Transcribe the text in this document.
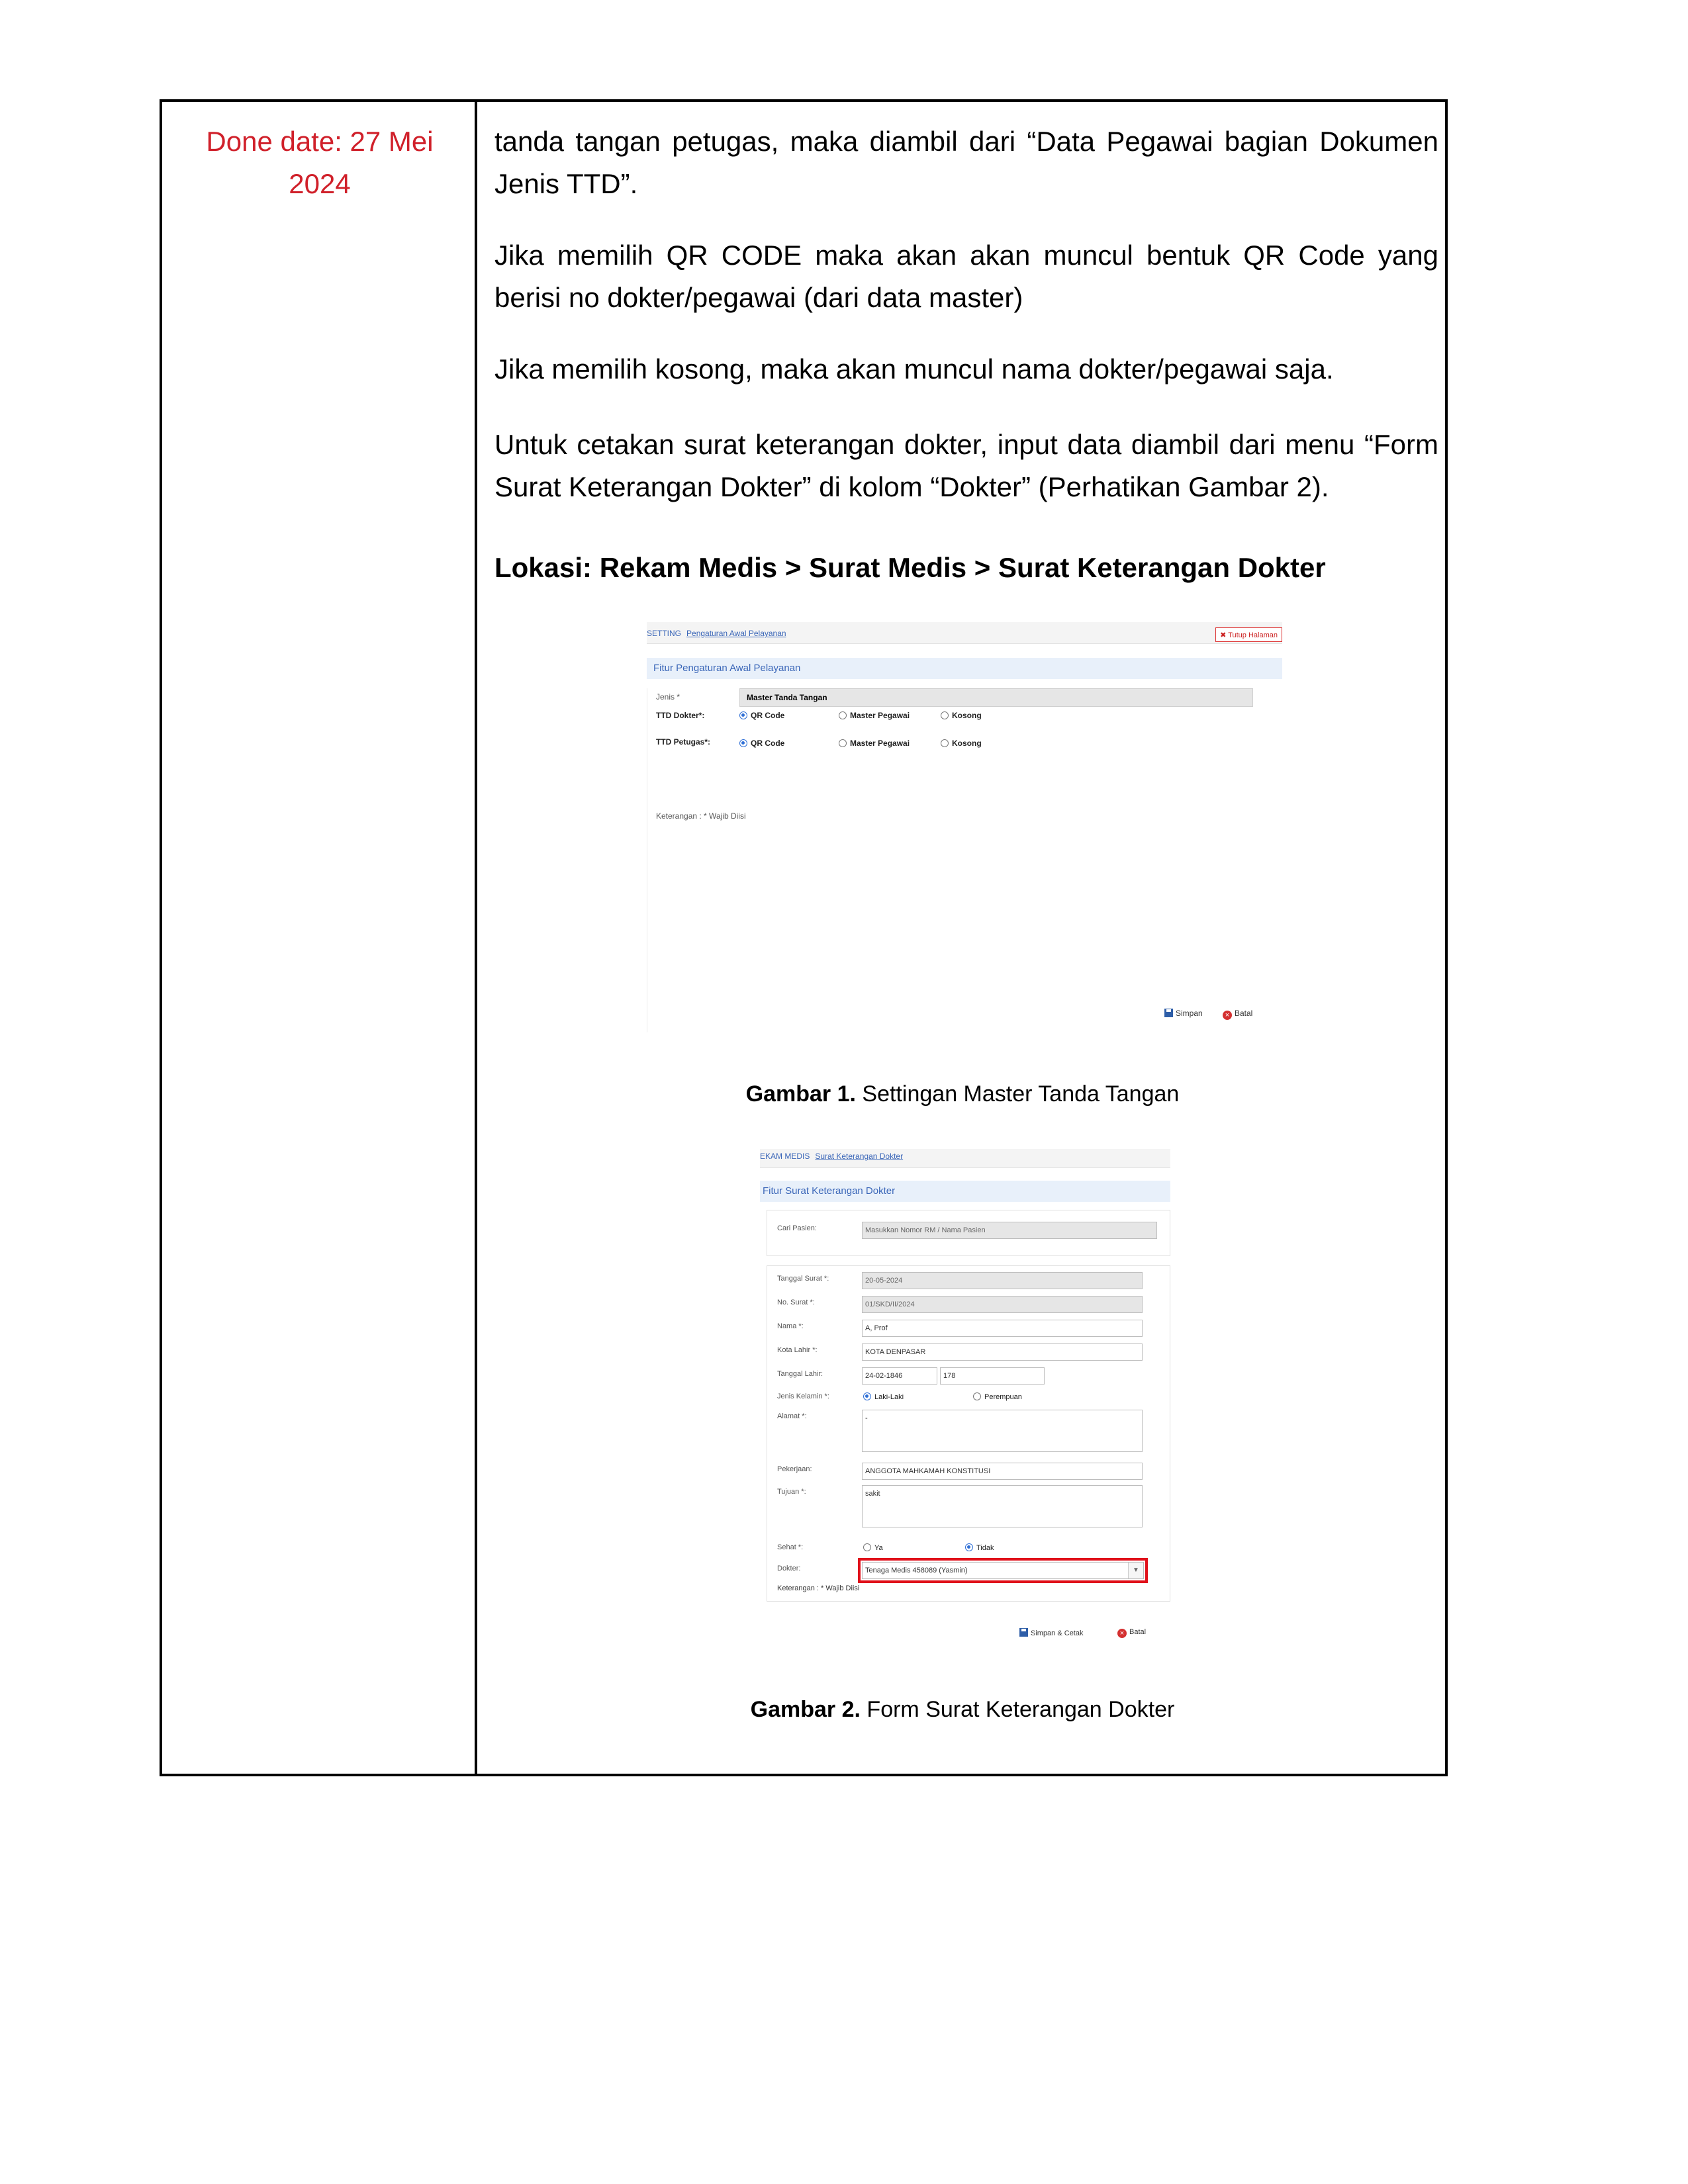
Done date: 27 Mei
2024

tanda tangan petugas, maka diambil dari “Data Pegawai bagian Dokumen Jenis TTD”.

Jika memilih QR CODE maka akan akan muncul bentuk QR Code yang berisi no dokter/pegawai (dari data master)

Jika memilih kosong, maka akan muncul nama dokter/pegawai saja.

Untuk cetakan surat keterangan dokter, input data diambil dari menu “Form Surat Keterangan Dokter” di kolom “Dokter” (Perhatikan Gambar 2).

Lokasi: Rekam Medis > Surat Medis > Surat Keterangan Dokter

Gambar 1. Settingan Master Tanda Tangan
Gambar 2. Form Surat Keterangan Dokter
SETTING Pengaturan Awal Pelayanan	✖ Tutup Halaman
Fitur Pengaturan Awal Pelayanan
Jenis *	Master Tanda Tangan
TTD Dokter*:	QR Code	Master Pegawai	Kosong
TTD Petugas*:	QR Code	Master Pegawai	Kosong
Keterangan : * Wajib Diisi
Simpan	× Batal
EKAM MEDIS Surat Keterangan Dokter
Fitur Surat Keterangan Dokter
Cari Pasien:	Masukkan Nomor RM / Nama Pasien
Tanggal Surat *:	20-05-2024
No. Surat *:	01/SKD/II/2024
Nama *:	A, Prof
Kota Lahir *:	KOTA DENPASAR
Tanggal Lahir:	24-02-1846	178
Jenis Kelamin *:	Laki-Laki	Perempuan
Alamat *:	-
Pekerjaan:	ANGGOTA MAHKAMAH KONSTITUSI
Tujuan *:	sakit
Sehat *:	Ya	Tidak
Dokter:	Tenaga Medis 458089 (Yasmin)	▼
Keterangan : * Wajib Diisi
Simpan & Cetak	× Batal
